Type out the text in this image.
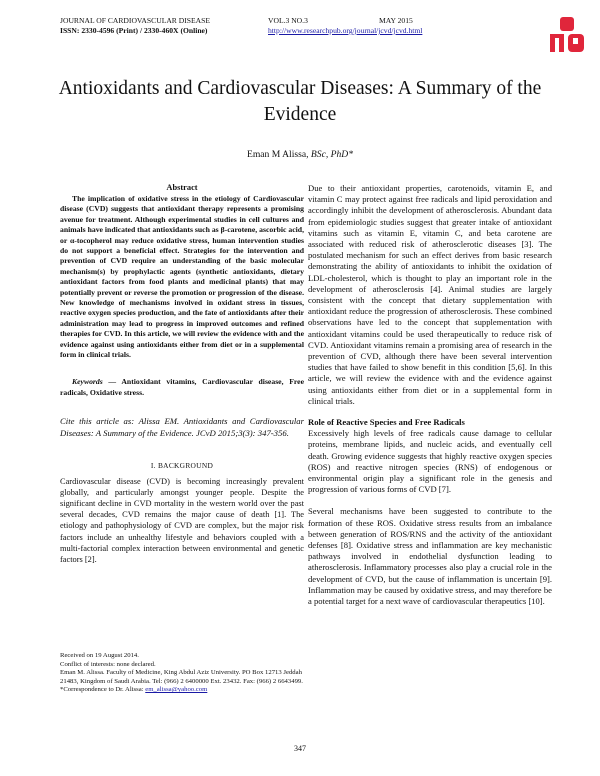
JOURNAL OF CARDIOVASCULAR DISEASE
ISSN: 2330-4596 (Print) / 2330-460X (Online)
VOL.3 NO.3	MAY 2015
http://www.researchpub.org/journal/jcvd/jcvd.html
Antioxidants and Cardiovascular Diseases: A Summary of the Evidence
Eman M Alissa, BSc, PhD*

Abstract

The implication of oxidative stress in the etiology of Cardiovascular disease (CVD) suggests that antioxidant therapy represents a promising avenue for treatment. Although experimental studies in cell cultures and animals have indicated that antioxidants such as β-carotene, ascorbic acid, or α-tocopherol may reduce oxidative stress, human intervention studies do not support a beneficial effect. Strategies for the intervention and prevention of CVD require an understanding of the basic molecular mechanism(s) by prophylactic agents (synthetic antioxidants, dietary antioxidant factors from food plants and medicinal plants) that may potentially prevent or reverse the promotion or progression of the disease. New knowledge of mechanisms involved in oxidant stress in tissues, reactive oxygen species production, and the fate of antioxidants after their administration may lead to progress in improved outcomes and refined therapies for CVD. In this article, we will review the evidence with and the evidence against using antioxidants either from diet or in a supplemental form in clinical trials.

Keywords — Antioxidant vitamins, Cardiovascular disease, Free radicals, Oxidative stress.

Cite this article as: Alissa EM. Antioxidants and Cardiovascular Diseases: A Summary of the Evidence. JCvD 2015;3(3): 347-356.

I. BACKGROUND

Cardiovascular disease (CVD) is becoming increasingly prevalent globally, and particularly amongst younger people. Despite the significant decline in CVD mortality in the western world over the past several decades, CVD remains the major cause of death [1]. The etiology and pathophysiology of CVD are complex, but the major risk factors include an unhealthy lifestyle and behaviors coupled with a multi-factorial complex interaction between environmental and genetic factors [2].

Received on 19 August 2014.

Conflict of interests: none declared.

Eman M. Alissa. Faculty of Medicine, King Abdul Aziz University. PO Box 12713 Jeddah 21483, Kingdom of Saudi Arabia. Tel: (966) 2 6400000 Ext. 23432. Fax: (966) 2 6643499.

*Correspondence to Dr. Alissa: em_alissa@yahoo.com

Due to their antioxidant properties, carotenoids, vitamin E, and vitamin C may protect against free radicals and lipid peroxidation and accordingly inhibit the development of atherosclerosis. Abundant data from epidemiologic studies suggest that greater intake of antioxidant vitamins such as vitamin E, vitamin C, and beta carotene are associated with reduced risk of atherosclerotic diseases [3]. The postulated mechanism for such an effect derives from basic research demonstrating the ability of antioxidants to inhibit the oxidation of LDL-cholesterol, which is thought to play an important role in the development of atherosclerosis [4]. Animal studies are largely consistent with the concept that dietary supplementation with antioxidant reduce the progression of atherosclerosis. These combined observations have led to the concept that supplementation with antioxidant vitamins could be used therapeutically to reduce risk of CVD. Antioxidant vitamins remain a promising area of research in the prevention of CVD, although there have been several intervention studies that have failed to show benefit in this condition [5,6]. In this article, we will review the evidence with and the evidence against using antioxidants either from diet or in a supplemental form in clinical trials.

Role of Reactive Species and Free Radicals

Excessively high levels of free radicals cause damage to cellular proteins, membrane lipids, and nucleic acids, and eventually cell death. Growing evidence suggests that highly reactive oxygen species (ROS) and reactive nitrogen species (RNS) of endogenous or environmental origin play a significant role in the genesis and progression of various forms of CVD [7].

Several mechanisms have been suggested to contribute to the formation of these ROS. Oxidative stress results from an imbalance between generation of ROS/RNS and the activity of the antioxidant defenses [8]. Oxidative stress and inflammation are key mechanistic pathways involved in endothelial dysfunction leading to atherosclerosis. Inflammatory processes also play a crucial role in the development of CVD, but the cause of inflammation is uncertain [9]. Inflammation may be caused by oxidative stress, and may therefore be a potential target for a next wave of cardiovascular therapeutics [10].

347
